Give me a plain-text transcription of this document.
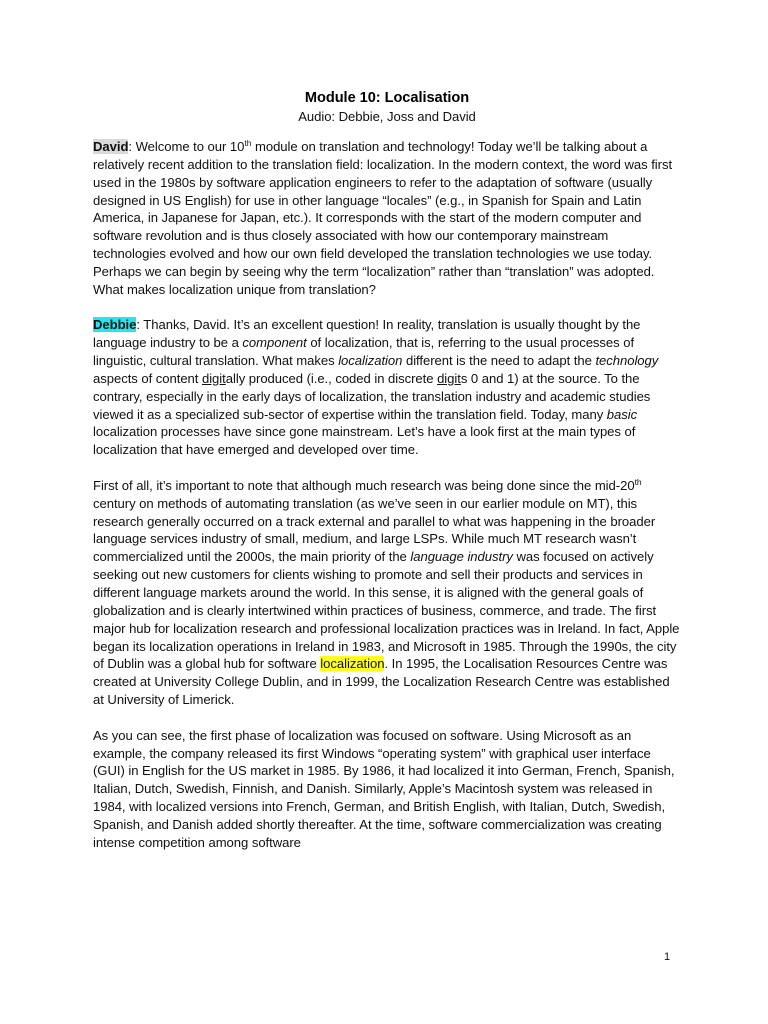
Module 10: Localisation
Audio: Debbie, Joss and David

David: Welcome to our 10th module on translation and technology! Today we’ll be talking about a relatively recent addition to the translation field: localization. In the modern context, the word was first used in the 1980s by software application engineers to refer to the adaptation of software (usually designed in US English) for use in other language “locales” (e.g., in Spanish for Spain and Latin America, in Japanese for Japan, etc.). It corresponds with the start of the modern computer and software revolution and is thus closely associated with how our contemporary mainstream technologies evolved and how our own field developed the translation technologies we use today. Perhaps we can begin by seeing why the term “localization” rather than “translation” was adopted. What makes localization unique from translation?

Debbie: Thanks, David. It’s an excellent question! In reality, translation is usually thought by the language industry to be a component of localization, that is, referring to the usual processes of linguistic, cultural translation. What makes localization different is the need to adapt the technology aspects of content digitally produced (i.e., coded in discrete digits 0 and 1) at the source. To the contrary, especially in the early days of localization, the translation industry and academic studies viewed it as a specialized sub-sector of expertise within the translation field. Today, many basic localization processes have since gone mainstream. Let’s have a look first at the main types of localization that have emerged and developed over time.

First of all, it’s important to note that although much research was being done since the mid-20th century on methods of automating translation (as we’ve seen in our earlier module on MT), this research generally occurred on a track external and parallel to what was happening in the broader language services industry of small, medium, and large LSPs. While much MT research wasn’t commercialized until the 2000s, the main priority of the language industry was focused on actively seeking out new customers for clients wishing to promote and sell their products and services in different language markets around the world. In this sense, it is aligned with the general goals of globalization and is clearly intertwined within practices of business, commerce, and trade. The first major hub for localization research and professional localization practices was in Ireland. In fact, Apple began its localization operations in Ireland in 1983, and Microsoft in 1985. Through the 1990s, the city of Dublin was a global hub for software localization. In 1995, the Localisation Resources Centre was created at University College Dublin, and in 1999, the Localization Research Centre was established at University of Limerick.

As you can see, the first phase of localization was focused on software. Using Microsoft as an example, the company released its first Windows “operating system” with graphical user interface (GUI) in English for the US market in 1985. By 1986, it had localized it into German, French, Spanish, Italian, Dutch, Swedish, Finnish, and Danish. Similarly, Apple’s Macintosh system was released in 1984, with localized versions into French, German, and British English, with Italian, Dutch, Swedish, Spanish, and Danish added shortly thereafter. At the time, software commercialization was creating intense competition among software

1
